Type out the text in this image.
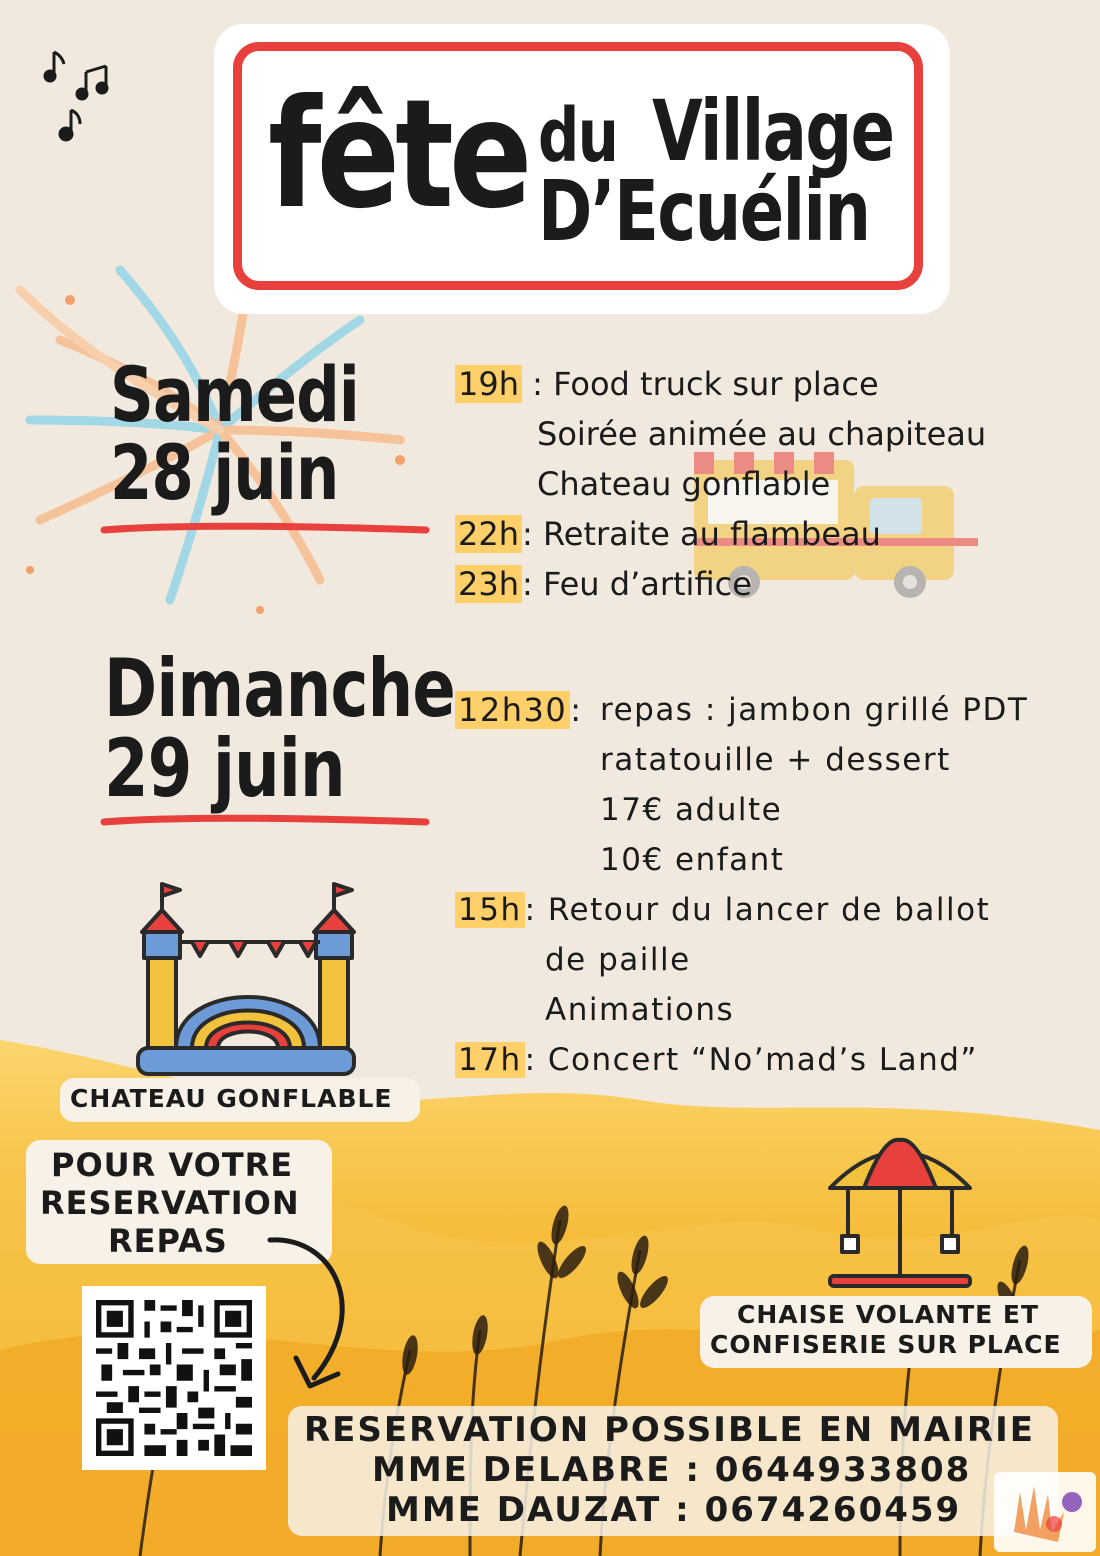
fête du Village
D’Ecuélin
Samedi
28 juin
19h : Food truck sur place
Soirée animée au chapiteau
Chateau gonflable
22h: Retraite au flambeau
23h: Feu d’artifice
Dimanche
29 juin
12h30: repas : jambon grillé PDT
ratatouille + dessert
17€ adulte
10€ enfant
15h: Retour du lancer de ballot
de paille
Animations
17h: Concert “No’mad’s Land”
CHATEAU GONFLABLE
POUR VOTRE
RESERVATION
REPAS
CHAISE VOLANTE ET
CONFISERIE SUR PLACE
RESERVATION POSSIBLE EN MAIRIE
MME DELABRE : 0644933808
MME DAUZAT : 0674260459
